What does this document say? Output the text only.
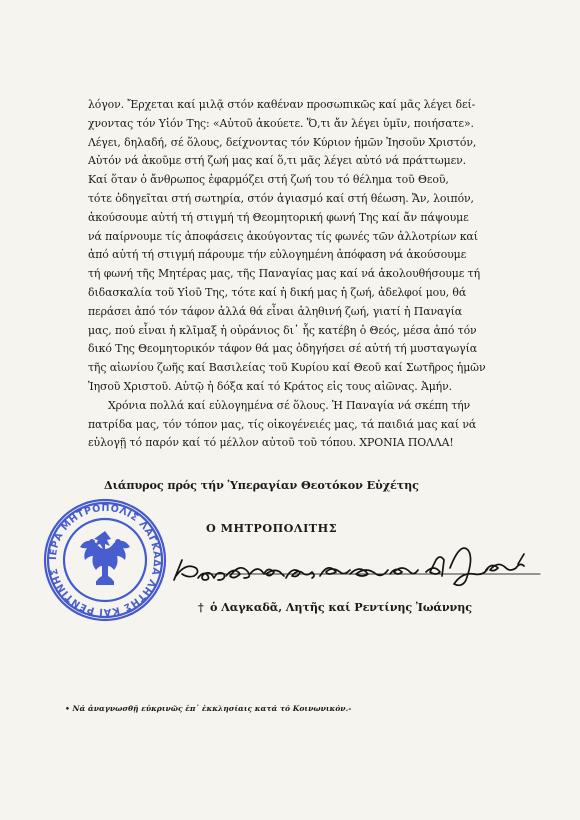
λόγον. Ἔρχεται καί μιλᾷ στόν καθέναν προσωπικῶς καί μᾶς λέγει δεί-
χνοντας τόν Υἱόν Της: «Αὐτοῦ ἀκούετε. Ὅ,τι ἄν λέγει ὑμῖν, ποιήσατε».
Λέγει, δηλαδή, σέ ὅλους, δείχνοντας τόν Κύριον ἡμῶν Ἰησοῦν Χριστόν,
Αὐτόν νά ἀκοῦμε στή ζωή μας καί ὅ,τι μᾶς λέγει αὐτό νά πράττωμεν.
Καί ὅταν ὁ ἄνθρωπος ἐφαρμόζει στή ζωή του τό θέλημα τοῦ Θεοῦ,
τότε ὁδηγεῖται στή σωτηρία, στόν ἁγιασμό καί στή θέωση. Ἄν, λοιπόν,
ἀκούσουμε αὐτή τή στιγμή τή Θεομητορική φωνή Της καί ἄν πάψουμε
νά παίρνουμε τίς ἀποφάσεις ἀκούγοντας τίς φωνές τῶν ἀλλοτρίων καί
ἀπό αὐτή τή στιγμή πάρουμε τήν εὐλογημένη ἀπόφαση νά ἀκούσουμε
τή φωνή τῆς Μητέρας μας, τῆς Παναγίας μας καί νά ἀκολουθήσουμε τή
διδασκαλία τοῦ Υἱοῦ Της, τότε καί ἡ δική μας ἡ ζωή, ἀδελφοί μου, θά
περάσει ἀπό τόν τάφον ἀλλά θά εἶναι ἀληθινή ζωή, γιατί ἡ Παναγία
μας, πού εἶναι ἡ κλῖμαξ ἡ οὐράνιος δι᾽ ἧς κατέβη ὁ Θεός, μέσα ἀπό τόν
δικό Της Θεομητορικόν τάφον θά μας ὁδηγήσει σέ αὐτή τή μυσταγωγία
τῆς αἰωνίου ζωῆς καί Βασιλείας τοῦ Κυρίου καί Θεοῦ καί Σωτῆρος ἡμῶν
Ἰησοῦ Χριστοῦ. Αὐτῷ ἡ δόξα καί τό Κράτος εἰς τους αἰῶνας. Ἀμήν.
Χρόνια πολλά καί εὐλογημένα σέ ὅλους. Ἡ Παναγία νά σκέπη τήν
πατρίδα μας, τόν τόπον μας, τίς οἰκογένειές μας, τά παιδιά μας καί νά
εὐλογῇ τό παρόν καί τό μέλλον αὐτοῦ τοῦ τόπου. ΧΡΟΝΙΑ ΠΟΛΛΑ!
Διάπυρος πρός τήν Ὑπεραγίαν Θεοτόκον Εὐχέτης
Ο ΜΗΤΡΟΠΟΛΙΤΗΣ
ΙΕΡΑ ΜΗΤΡΟΠΟΛΙΣ ΛΑΓΚΑΔΑ ΛΗΤΗΣ ΚΑΙ ΡΕΝΤΙΝΗΣ
† ὁ Λαγκαδᾶ, Λητῆς καί Ρεντίνης Ἰωάννης
• Νά ἀναγνωσθῇ εὐκρινῶς ἐπ᾽ ἐκκλησίαις κατά τό Κοινωνικόν.-
